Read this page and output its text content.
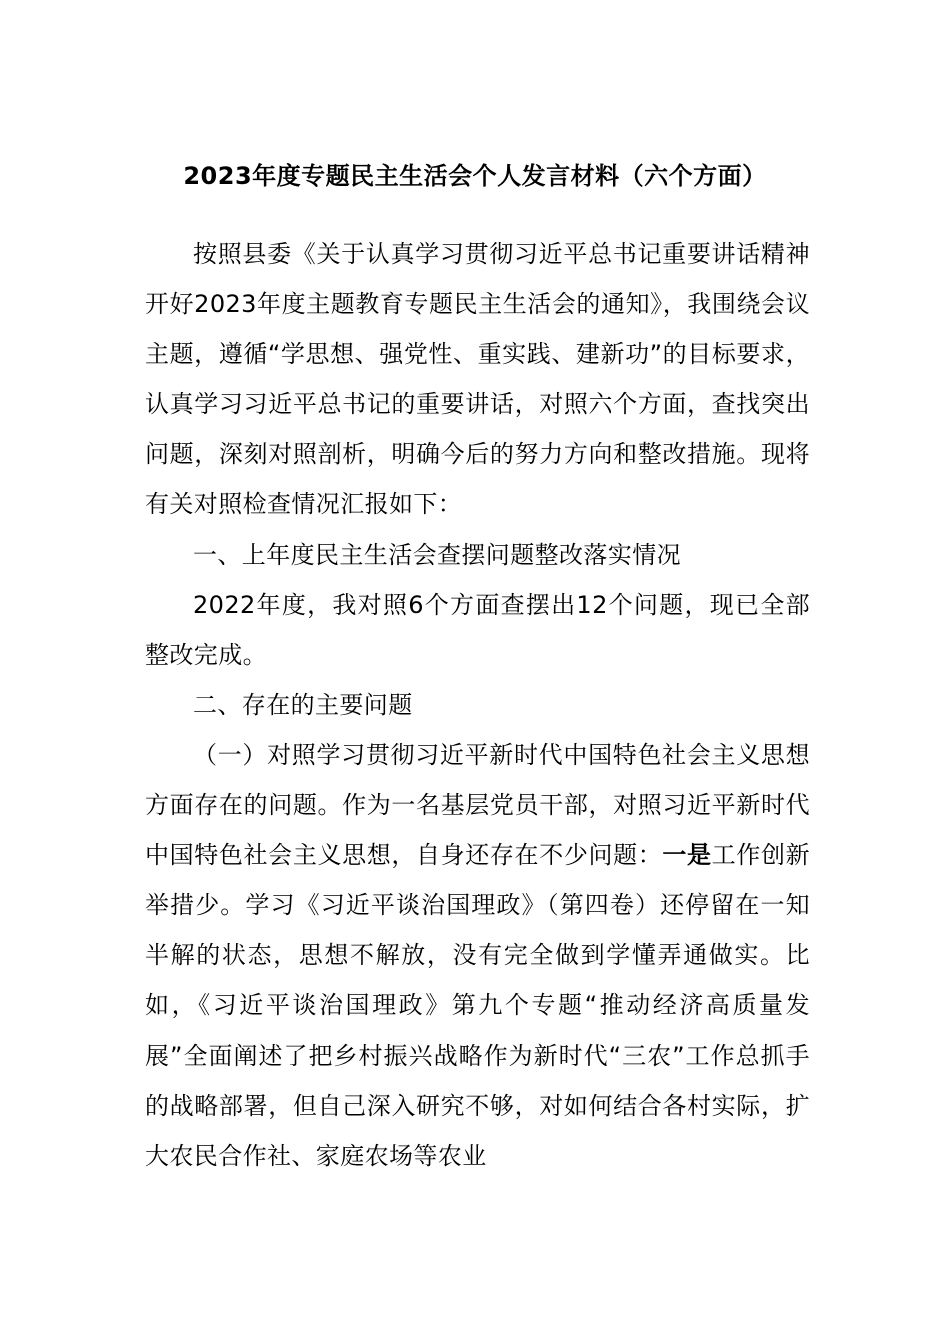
2023年度专题民主生活会个人发言材料（六个方面）

按照县委《关于认真学习贯彻习近平总书记重要讲话精神开好2023年度主题教育专题民主生活会的通知》，我围绕会议主题，遵循“学思想、强党性、重实践、建新功”的目标要求，认真学习习近平总书记的重要讲话，对照六个方面，查找突出问题，深刻对照剖析，明确今后的努力方向和整改措施。现将有关对照检查情况汇报如下：

一、上年度民主生活会查摆问题整改落实情况

2022年度，我对照6个方面查摆出12个问题，现已全部整改完成。

二、存在的主要问题

（一）对照学习贯彻习近平新时代中国特色社会主义思想方面存在的问题。作为一名基层党员干部，对照习近平新时代中国特色社会主义思想，自身还存在不少问题：一是工作创新举措少。学习《习近平谈治国理政》（第四卷）还停留在一知半解的状态，思想不解放，没有完全做到学懂弄通做实。比如，《习近平谈治国理政》第九个专题“推动经济高质量发展”全面阐述了把乡村振兴战略作为新时代“三农”工作总抓手的战略部署，但自己深入研究不够，对如何结合各村实际，扩大农民合作社、家庭农场等农业
